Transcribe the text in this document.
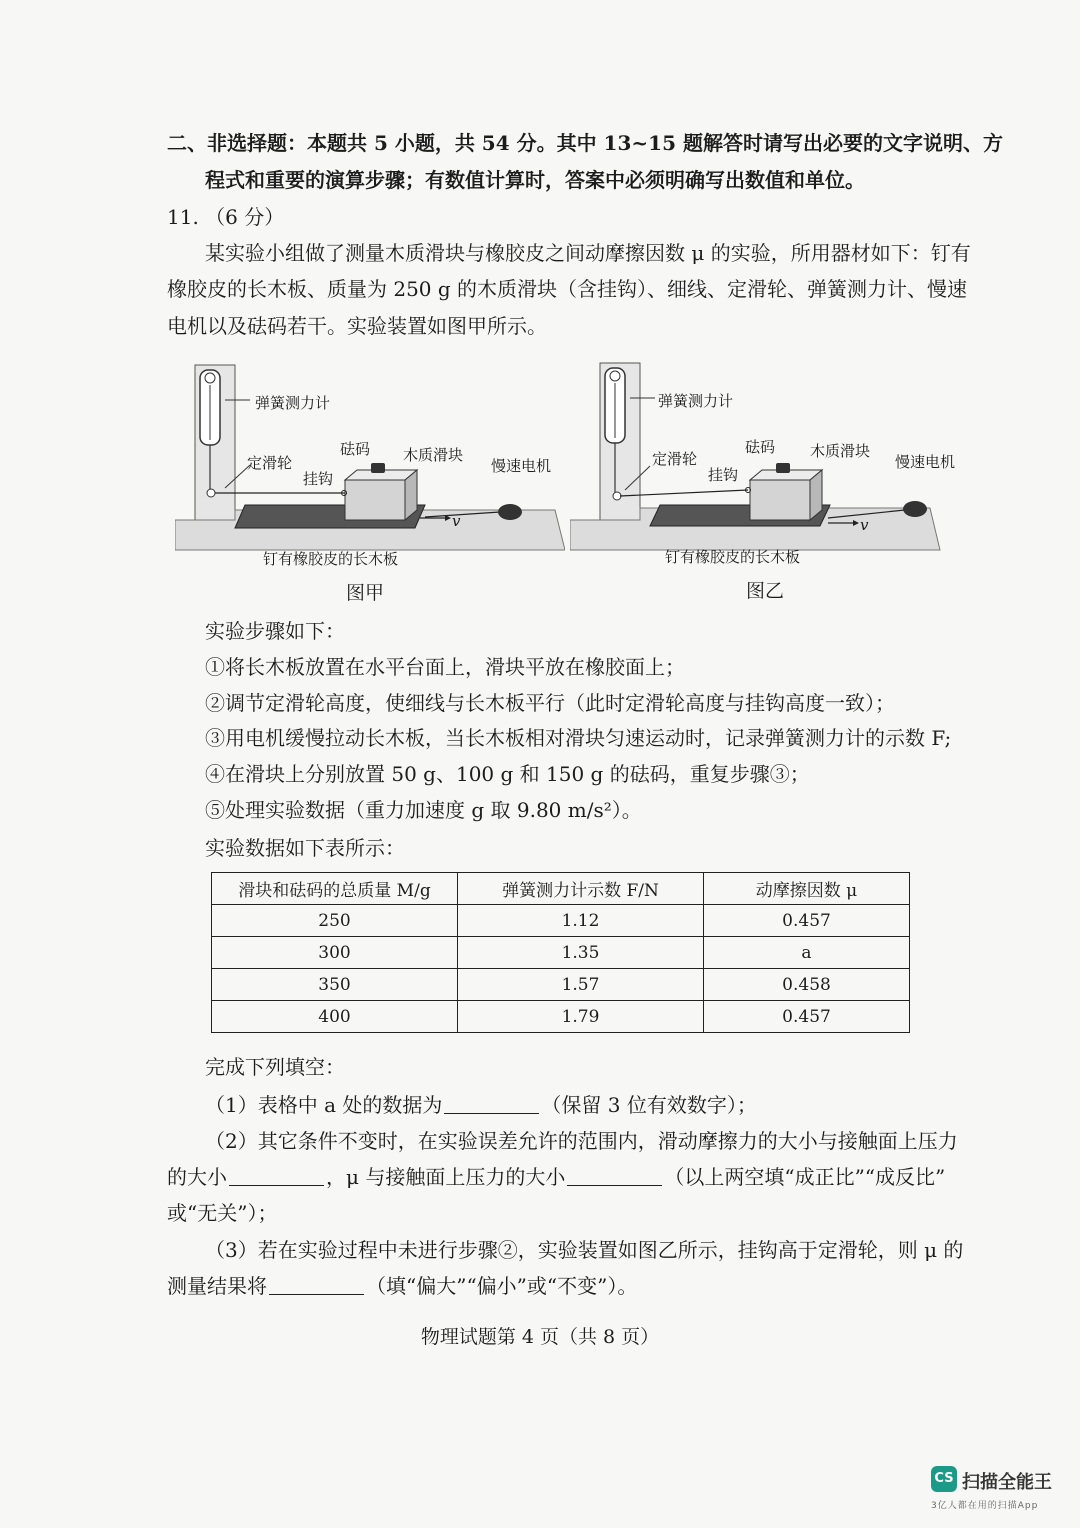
二、非选择题：本题共 5 小题，共 54 分。其中 13~15 题解答时请写出必要的文字说明、方
程式和重要的演算步骤；有数值计算时，答案中必须明确写出数值和单位。
11. （6 分）
某实验小组做了测量木质滑块与橡胶皮之间动摩擦因数 μ 的实验，所用器材如下：钉有
橡胶皮的长木板、质量为 250 g 的木质滑块（含挂钩）、细线、定滑轮、弹簧测力计、慢速
电机以及砝码若干。实验装置如图甲所示。
弹簧测力计
定滑轮
挂钩
砝码 木质滑块
慢速电机
v
钉有橡胶皮的长木板
图甲
弹簧测力计
定滑轮
挂钩
砝码 木质滑块
慢速电机
v
钉有橡胶皮的长木板
图乙
实验步骤如下：
①将长木板放置在水平台面上，滑块平放在橡胶面上；
②调节定滑轮高度，使细线与长木板平行（此时定滑轮高度与挂钩高度一致）；
③用电机缓慢拉动长木板，当长木板相对滑块匀速运动时，记录弹簧测力计的示数 F;
④在滑块上分别放置 50 g、100 g 和 150 g 的砝码，重复步骤③；
⑤处理实验数据（重力加速度 g 取 9.80 m/s²）。
实验数据如下表所示：
滑块和砝码的总质量 M/g	弹簧测力计示数 F/N	动摩擦因数 μ
250	1.12	0.457
300	1.35	a
350	1.57	0.458
400	1.79	0.457
完成下列填空：
（1）表格中 a 处的数据为	（保留 3 位有效数字）；
（2）其它条件不变时，在实验误差允许的范围内，滑动摩擦力的大小与接触面上压力
的大小	，μ 与接触面上压力的大小	（以上两空填“成正比”“成反比”
或“无关”）；
（3）若在实验过程中未进行步骤②，实验装置如图乙所示，挂钩高于定滑轮，则 μ 的
测量结果将	（填“偏大”“偏小”或“不变”）。
物理试题第 4 页（共 8 页）
CS 扫描全能王
3亿人都在用的扫描App
